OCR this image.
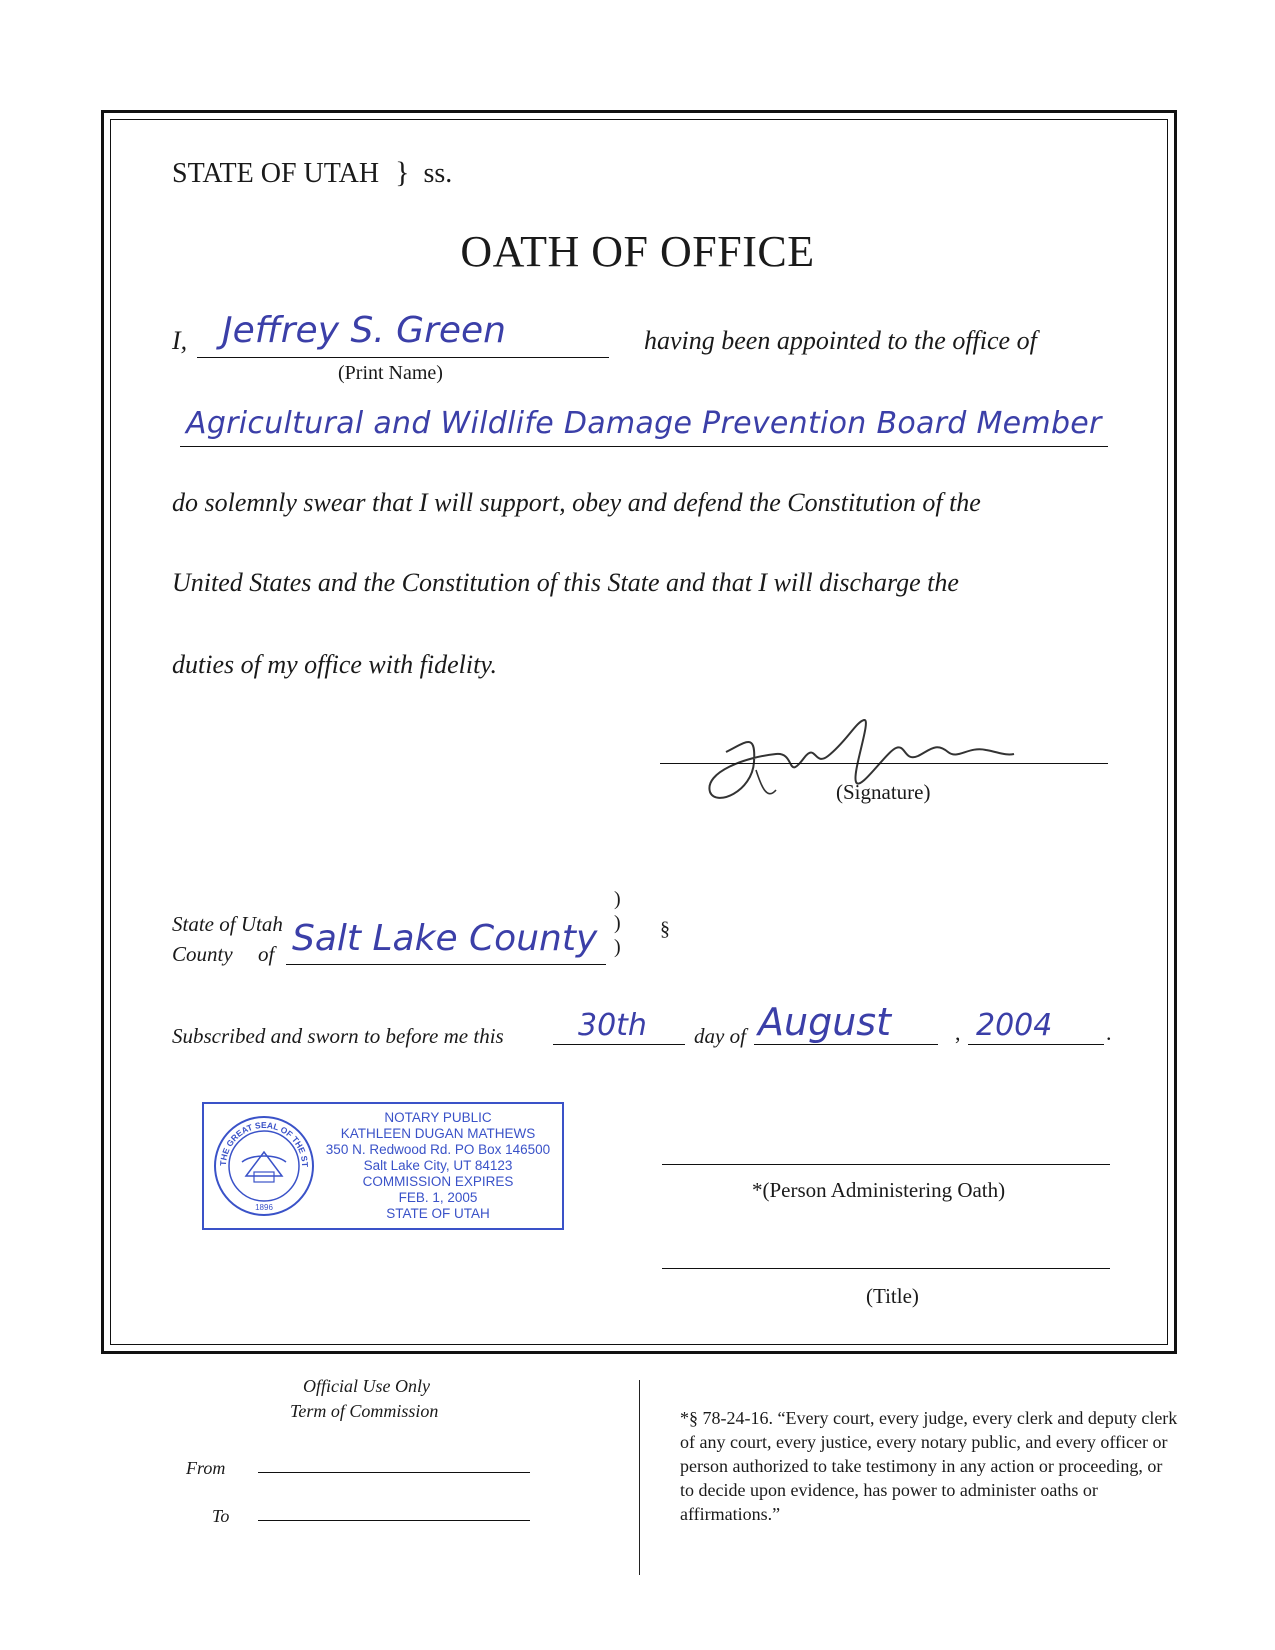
STATE OF UTAH } ss.
OATH OF OFFICE
I, Jeffrey S. Green
(Print Name)
having been appointed to the office of
Agricultural and Wildlife Damage Prevention Board Member
do solemnly swear that I will support, obey and defend the Constitution of the
United States and the Constitution of this State and that I will discharge the
duties of my office with fidelity.
(Signature)
State of Utah
County of Salt Lake County
)
)
)
§
Subscribed and sworn to before me this 30th day of August	, 2004 .
THE GREAT SEAL OF THE ST
1896
NOTARY PUBLIC
KATHLEEN DUGAN MATHEWS
350 N. Redwood Rd. PO Box 146500
Salt Lake City, UT 84123
COMMISSION EXPIRES
FEB. 1, 2005
STATE OF UTAH
*(Person Administering Oath)
(Title)
Official Use Only
Term of Commission
From
To
*§ 78-24-16. “Every court, every judge, every clerk and deputy clerk of any court, every justice, every notary public, and every officer or person authorized to take testimony in any action or proceeding, or to decide upon evidence, has power to administer oaths or affirmations.”
